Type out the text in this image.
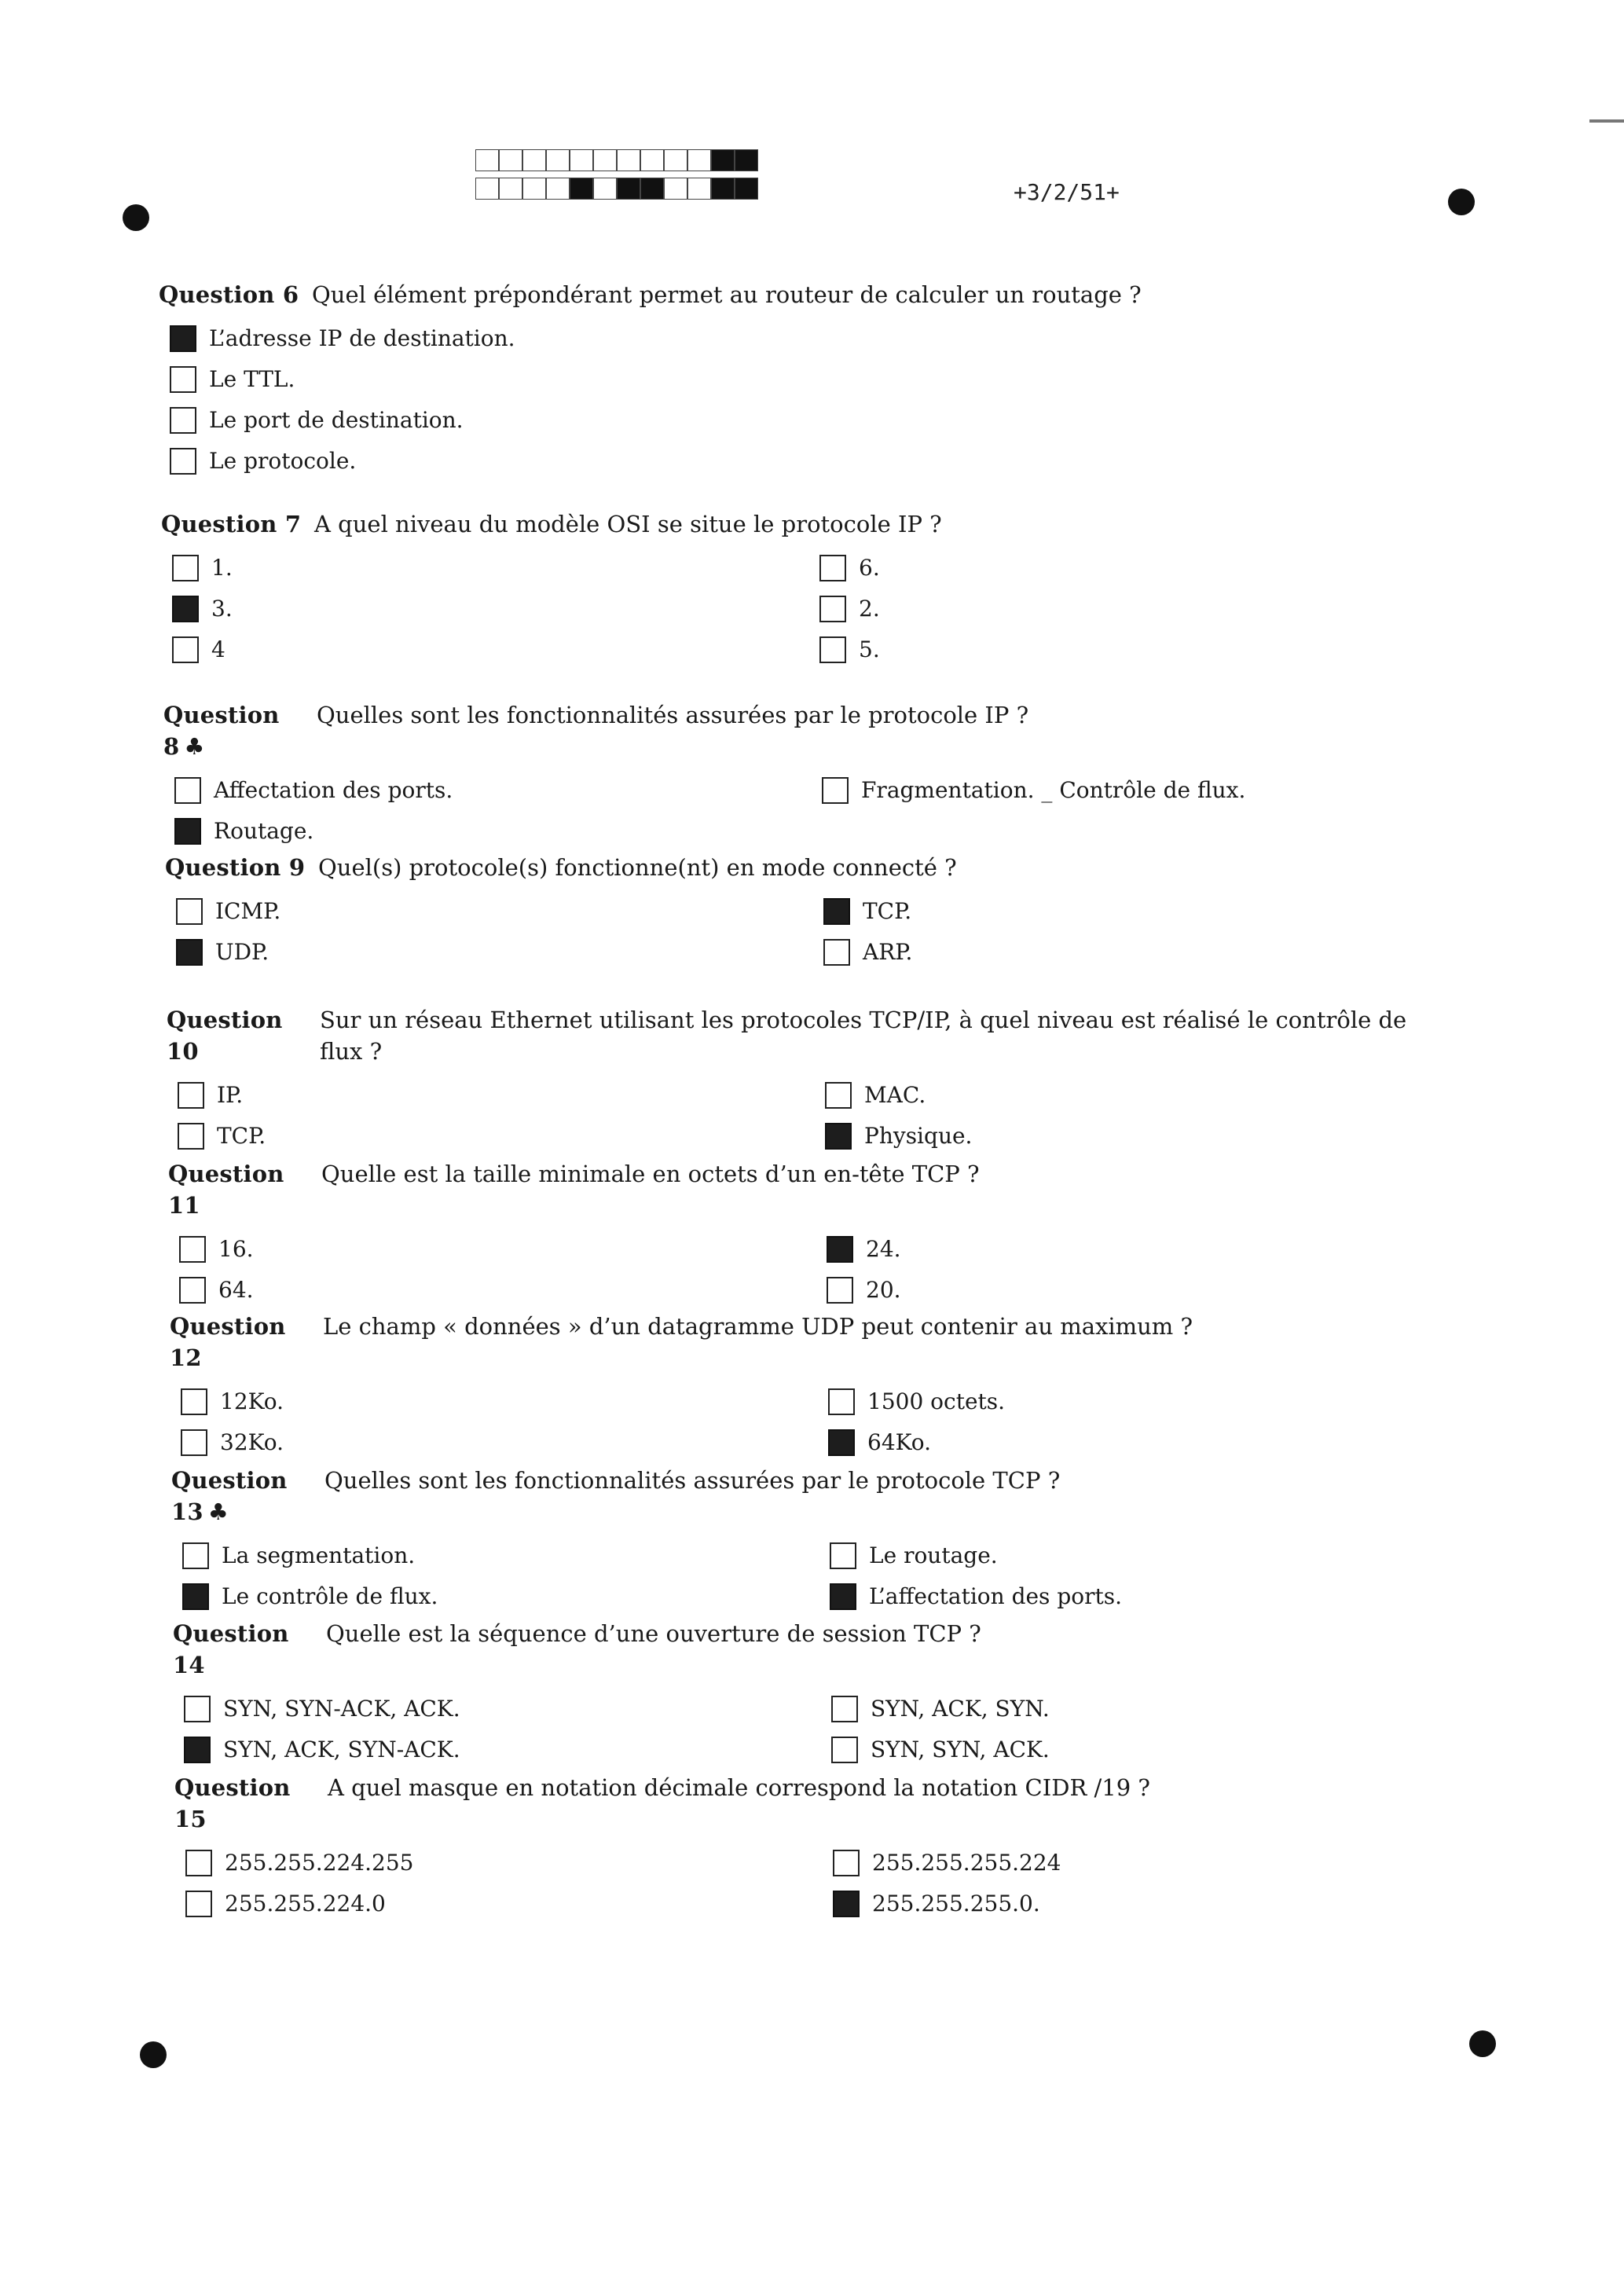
+3/2/51+
Question 6 Quel élément prépondérant permet au routeur de calculer un routage ?
L’adresse IP de destination.
Le TTL.
Le port de destination.
Le protocole.
Question 7 A quel niveau du modèle OSI se situe le protocole IP ?
1.
3.
4
6.
2.
5.
Question 8 ♣
Quelles sont les fonctionnalités assurées par le protocole IP ?
Affectation des ports.
Routage.
Fragmentation. _ Contrôle de flux.
Question 9 Quel(s) protocole(s) fonctionne(nt) en mode connecté ?
ICMP.
UDP.
TCP.
ARP.
Question 10
Sur un réseau Ethernet utilisant les protocoles TCP/IP, à quel niveau est réalisé le contrôle de flux ?
IP.
TCP.
MAC.
Physique.
Question 11
Quelle est la taille minimale en octets d’un en-tête TCP ?
16.
64.
24.
20.
Question 12
Le champ « données » d’un datagramme UDP peut contenir au maximum ?
12Ko.
32Ko.
1500 octets.
64Ko.
Question 13 ♣
Quelles sont les fonctionnalités assurées par le protocole TCP ?
La segmentation.
Le contrôle de flux.
Le routage.
L’affectation des ports.
Question 14
Quelle est la séquence d’une ouverture de session TCP ?
SYN, SYN-ACK, ACK.
SYN, ACK, SYN-ACK.
SYN, ACK, SYN.
SYN, SYN, ACK.
Question 15
A quel masque en notation décimale correspond la notation CIDR /19 ?
255.255.224.255
255.255.224.0
255.255.255.224
255.255.255.0.
